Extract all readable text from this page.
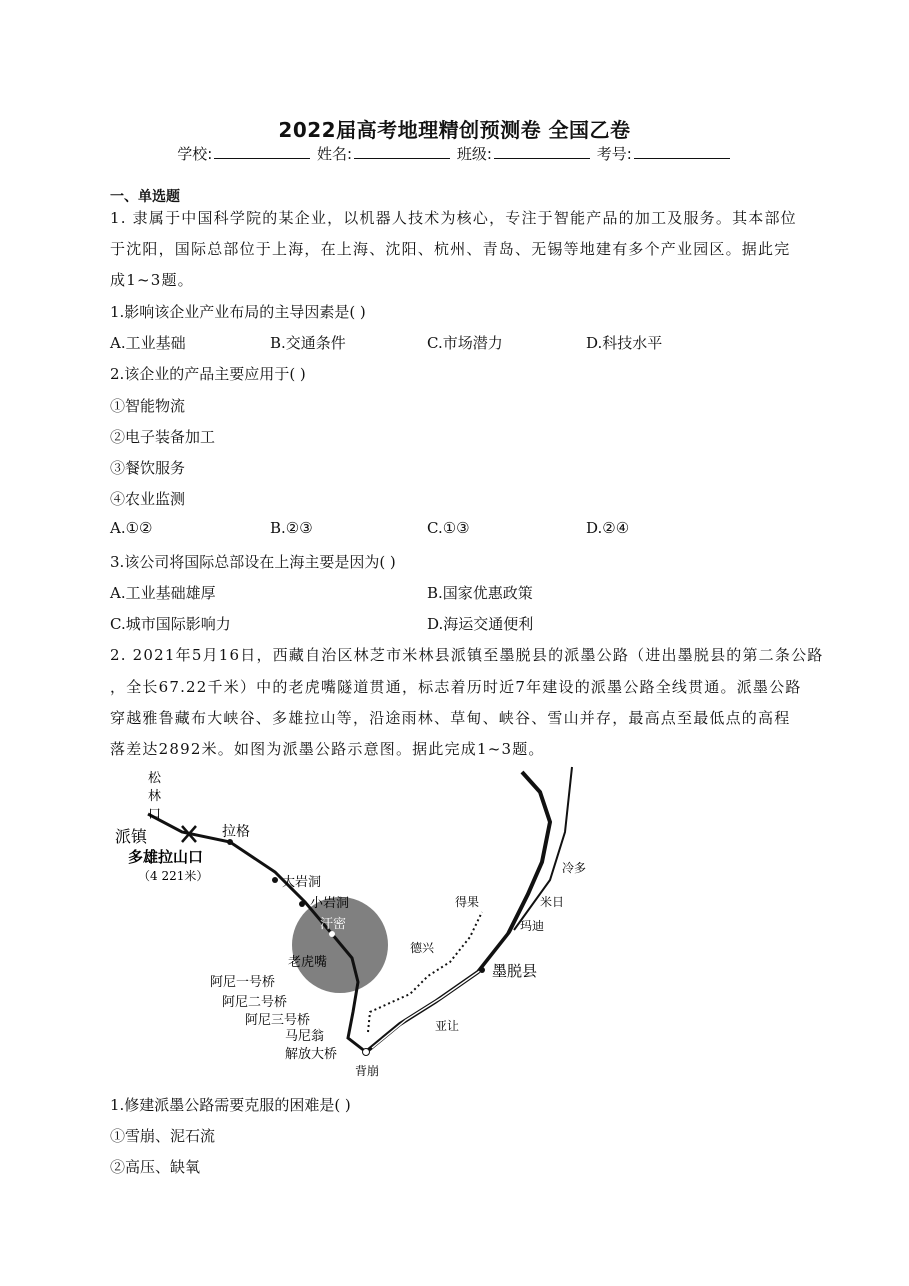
2022届高考地理精创预测卷 全国乙卷
学校:	姓名:	班级:	考号:
一、单选题
1. 隶属于中国科学院的某企业，以机器人技术为核心，专注于智能产品的加工及服务。其本部位
于沈阳，国际总部位于上海，在上海、沈阳、杭州、青岛、无锡等地建有多个产业园区。据此完
成1~3题。
1.影响该企业产业布局的主导因素是( )
A.工业基础	B.交通条件	C.市场潜力	D.科技水平
2.该企业的产品主要应用于( )
①智能物流
②电子装备加工
③餐饮服务
④农业监测
A.①②	B.②③	C.①③	D.②④
3.该公司将国际总部设在上海主要是因为( )
A.工业基础雄厚	B.国家优惠政策
C.城市国际影响力	D.海运交通便利
2. 2021年5月16日，西藏自治区林芝市米林县派镇至墨脱县的派墨公路（进出墨脱县的第二条公路
，全长67.22千米）中的老虎嘴隧道贯通，标志着历时近7年建设的派墨公路全线贯通。派墨公路
穿越雅鲁藏布大峡谷、多雄拉山等，沿途雨林、草甸、峡谷、雪山并存，最高点至最低点的高程
落差达2892米。如图为派墨公路示意图。据此完成1~3题。
松
林
口
派镇	拉格
多雄拉山口
（4 221米）	大岩洞
小岩洞
汗密
老虎嘴
阿尼一号桥
阿尼二号桥
阿尼三号桥
马尼翁
解放大桥
背崩
亚让
德兴
墨脱县
得果	米日
玛迪
冷多
1.修建派墨公路需要克服的困难是( )
①雪崩、泥石流
②高压、缺氧
